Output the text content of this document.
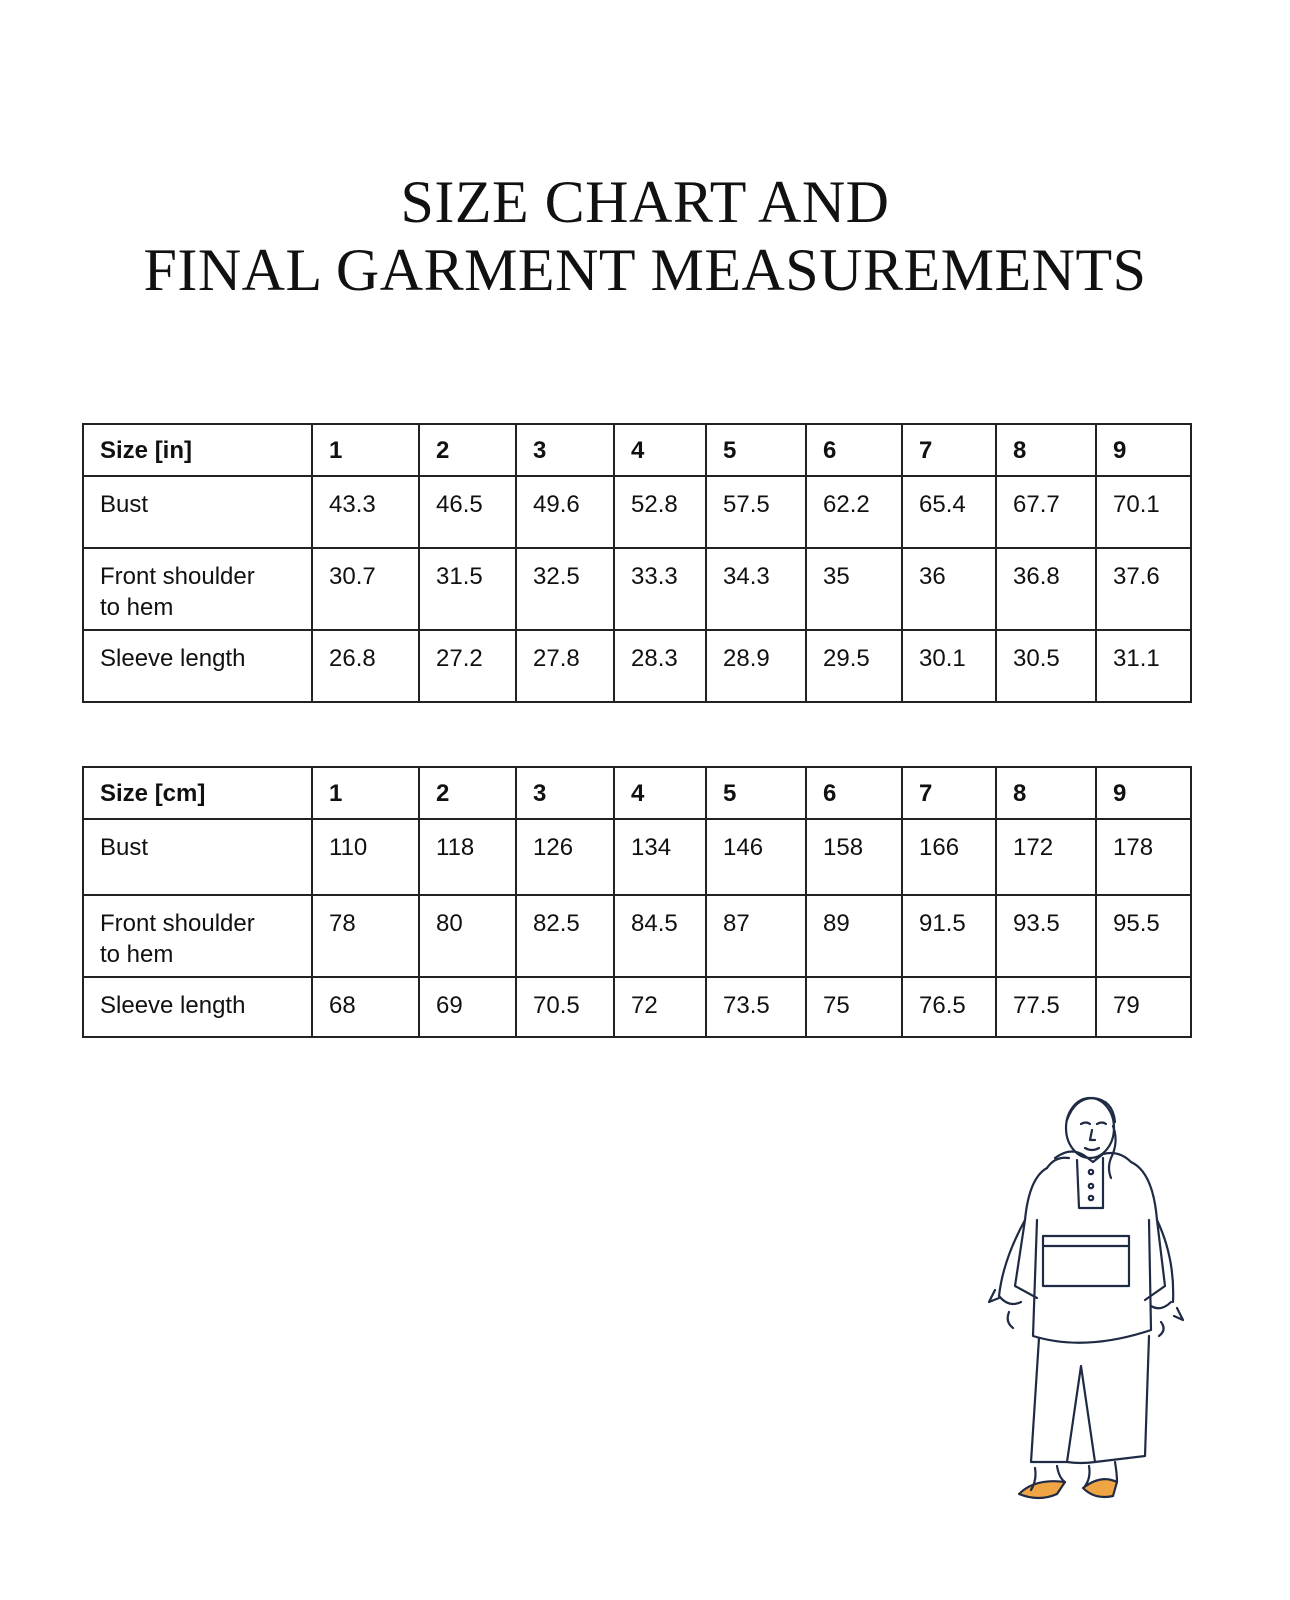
SIZE CHART AND
FINAL GARMENT MEASUREMENTS
Size [in]	1	2	3	4	5	6	7	8	9
Bust	43.3	46.5	49.6	52.8	57.5	62.2	65.4	67.7	70.1
Front shoulder
to hem	30.7	31.5	32.5	33.3	34.3	35	36	36.8	37.6
Sleeve length	26.8	27.2	27.8	28.3	28.9	29.5	30.1	30.5	31.1
Size [cm]	1	2	3	4	5	6	7	8	9
Bust	110	118	126	134	146	158	166	172	178
Front shoulder
to hem	78	80	82.5	84.5	87	89	91.5	93.5	95.5
Sleeve length	68	69	70.5	72	73.5	75	76.5	77.5	79
